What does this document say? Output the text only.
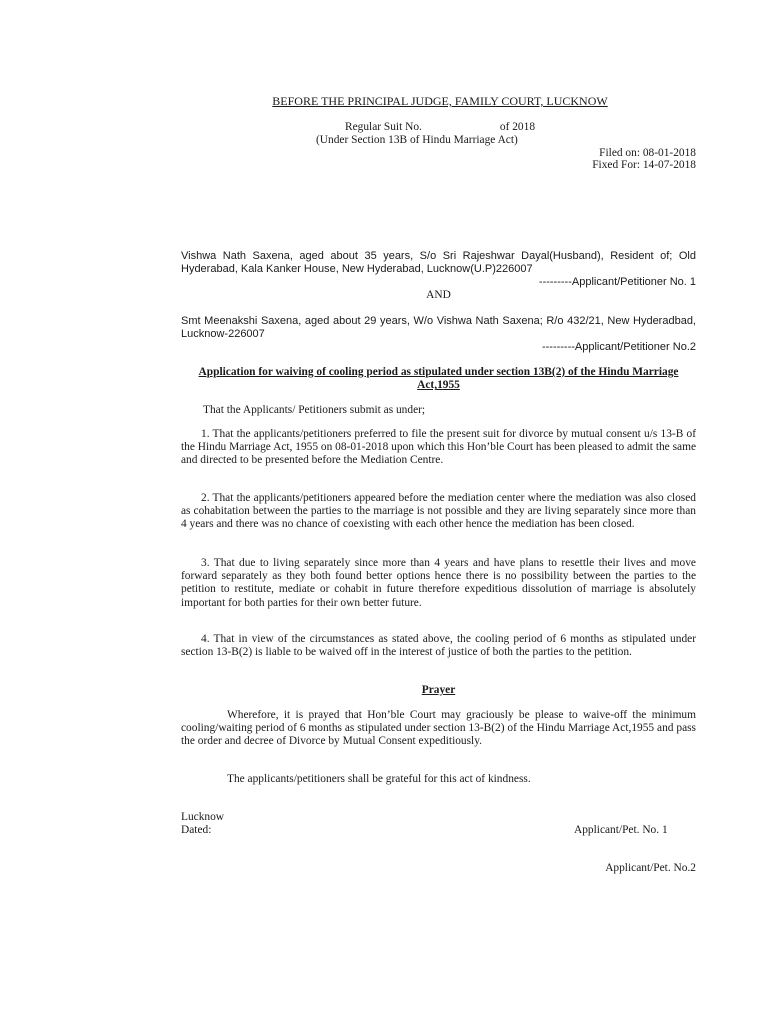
BEFORE THE PRINCIPAL JUDGE, FAMILY COURT, LUCKNOW
Regular Suit No.	of 2018
(Under Section 13B of Hindu Marriage Act)
Filed on: 08-01-2018
Fixed For: 14-07-2018
Vishwa Nath Saxena, aged about 35 years, S/o Sri Rajeshwar Dayal(Husband), Resident of; Old Hyderabad, Kala Kanker House, New Hyderabad, Lucknow(U.P)226007
---------Applicant/Petitioner No. 1
AND
Smt Meenakshi Saxena, aged about 29 years, W/o Vishwa Nath Saxena; R/o 432/21, New Hyderadbad, Lucknow-226007
---------Applicant/Petitioner No.2
Application for waiving of cooling period as stipulated under section 13B(2) of the Hindu Marriage Act,1955
That the Applicants/ Petitioners submit as under;
1. That the applicants/petitioners preferred to file the present suit for divorce by mutual consent u/s 13-B of the Hindu Marriage Act, 1955 on 08-01-2018 upon which this Hon’ble Court has been pleased to admit the same and directed to be presented before the Mediation Centre.
2. That the applicants/petitioners appeared before the mediation center where the mediation was also closed as cohabitation between the parties to the marriage is not possible and they are living separately since more than 4 years and there was no chance of coexisting with each other hence the mediation has been closed.
3. That due to living separately since more than 4 years and have plans to resettle their lives and move forward separately as they both found better options hence there is no possibility between the parties to the petition to restitute, mediate or cohabit in future therefore expeditious dissolution of marriage is absolutely important for both parties for their own better future.
4. That in view of the circumstances as stated above, the cooling period of 6 months as stipulated under section 13-B(2) is liable to be waived off in the interest of justice of both the parties to the petition.
Prayer
Wherefore, it is prayed that Hon’ble Court may graciously be please to waive-off the minimum cooling/waiting period of 6 months as stipulated under section 13-B(2) of the Hindu Marriage Act,1955 and pass the order and decree of Divorce by Mutual Consent expeditiously.
The applicants/petitioners shall be grateful for this act of kindness.
Lucknow
Dated:	Applicant/Pet. No. 1
Applicant/Pet. No.2
